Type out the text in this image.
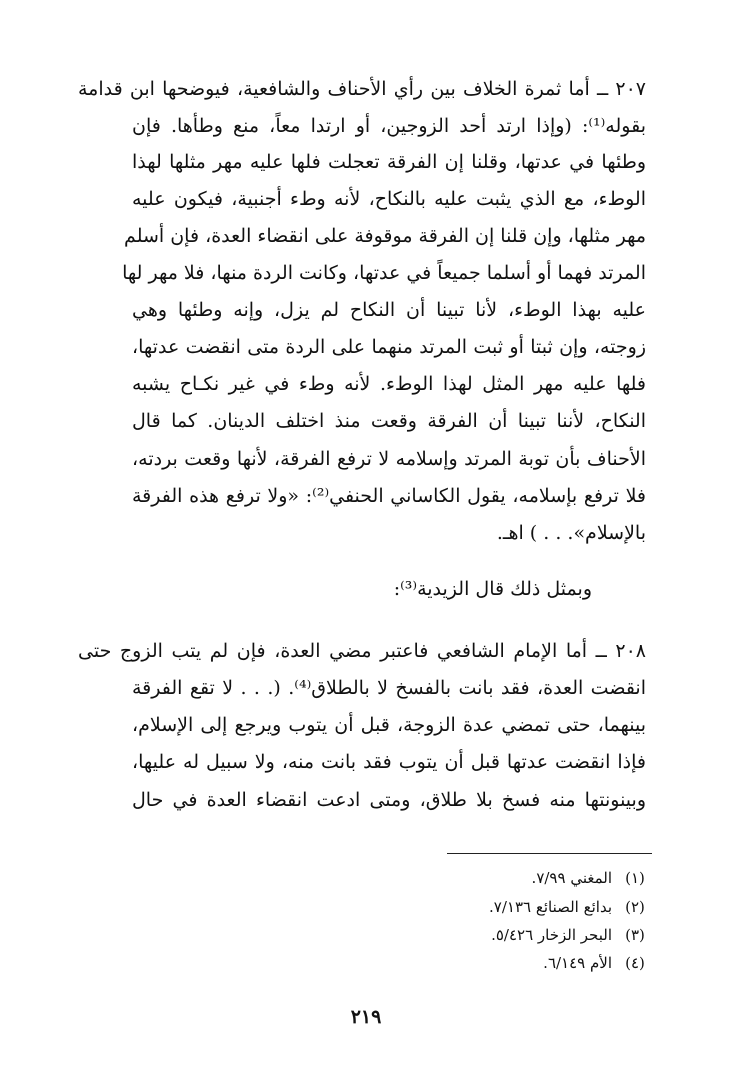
٢٠٧ ــ أما ثمرة الخلاف بين رأي الأحناف والشافعية، فيوضحها ابن قدامة
بقوله⁽¹⁾: (وإذا ارتد أحد الزوجين، أو ارتدا معاً، منع وطأها. فإن
وطئها في عدتها، وقلنا إن الفرقة تعجلت فلها عليه مهر مثلها لهذا
الوطء، مع الذي يثبت عليه بالنكاح، لأنه وطء أجنبية، فيكون عليه
مهر مثلها، وإن قلنا إن الفرقة موقوفة على انقضاء العدة، فإن أسلم
المرتد فهما أو أسلما جميعاً في عدتها، وكانت الردة منها، فلا مهر لها
عليه بهذا الوطء، لأنا تبينا أن النكاح لم يزل، وإنه وطئها وهي
زوجته، وإن ثبتا أو ثبت المرتد منهما على الردة متى انقضت عدتها،
فلها عليه مهر المثل لهذا الوطء. لأنه وطء في غير نكـاح يشبه
النكاح، لأننا تبينا أن الفرقة وقعت منذ اختلف الدينان. كما قال
الأحناف بأن توبة المرتد وإسلامه لا ترفع الفرقة، لأنها وقعت بردته،
فلا ترفع بإسلامه، يقول الكاساني الحنفي⁽²⁾: «ولا ترفع هذه الفرقة
بالإسلام». . . ) اهـ.
وبمثل ذلك قال الزيدية⁽³⁾:
٢٠٨ ــ أما الإمام الشافعي فاعتبر مضي العدة، فإن لم يتب الزوج حتى
انقضت العدة، فقد بانت بالفسخ لا بالطلاق⁽⁴⁾. (. . . لا تقع الفرقة
بينهما، حتى تمضي عدة الزوجة، قبل أن يتوب ويرجع إلى الإسلام،
فإذا انقضت عدتها قبل أن يتوب فقد بانت منه، ولا سبيل له عليها،
وبينونتها منه فسخ بلا طلاق، ومتى ادعت انقضاء العدة في حال
(١)
المغني ٧/٩٩.
(٢)
بدائع الصنائع ٧/١٣٦.
(٣)
البحر الزخار ٥/٤٢٦.
(٤)
الأم ٦/١٤٩.
٢١٩
